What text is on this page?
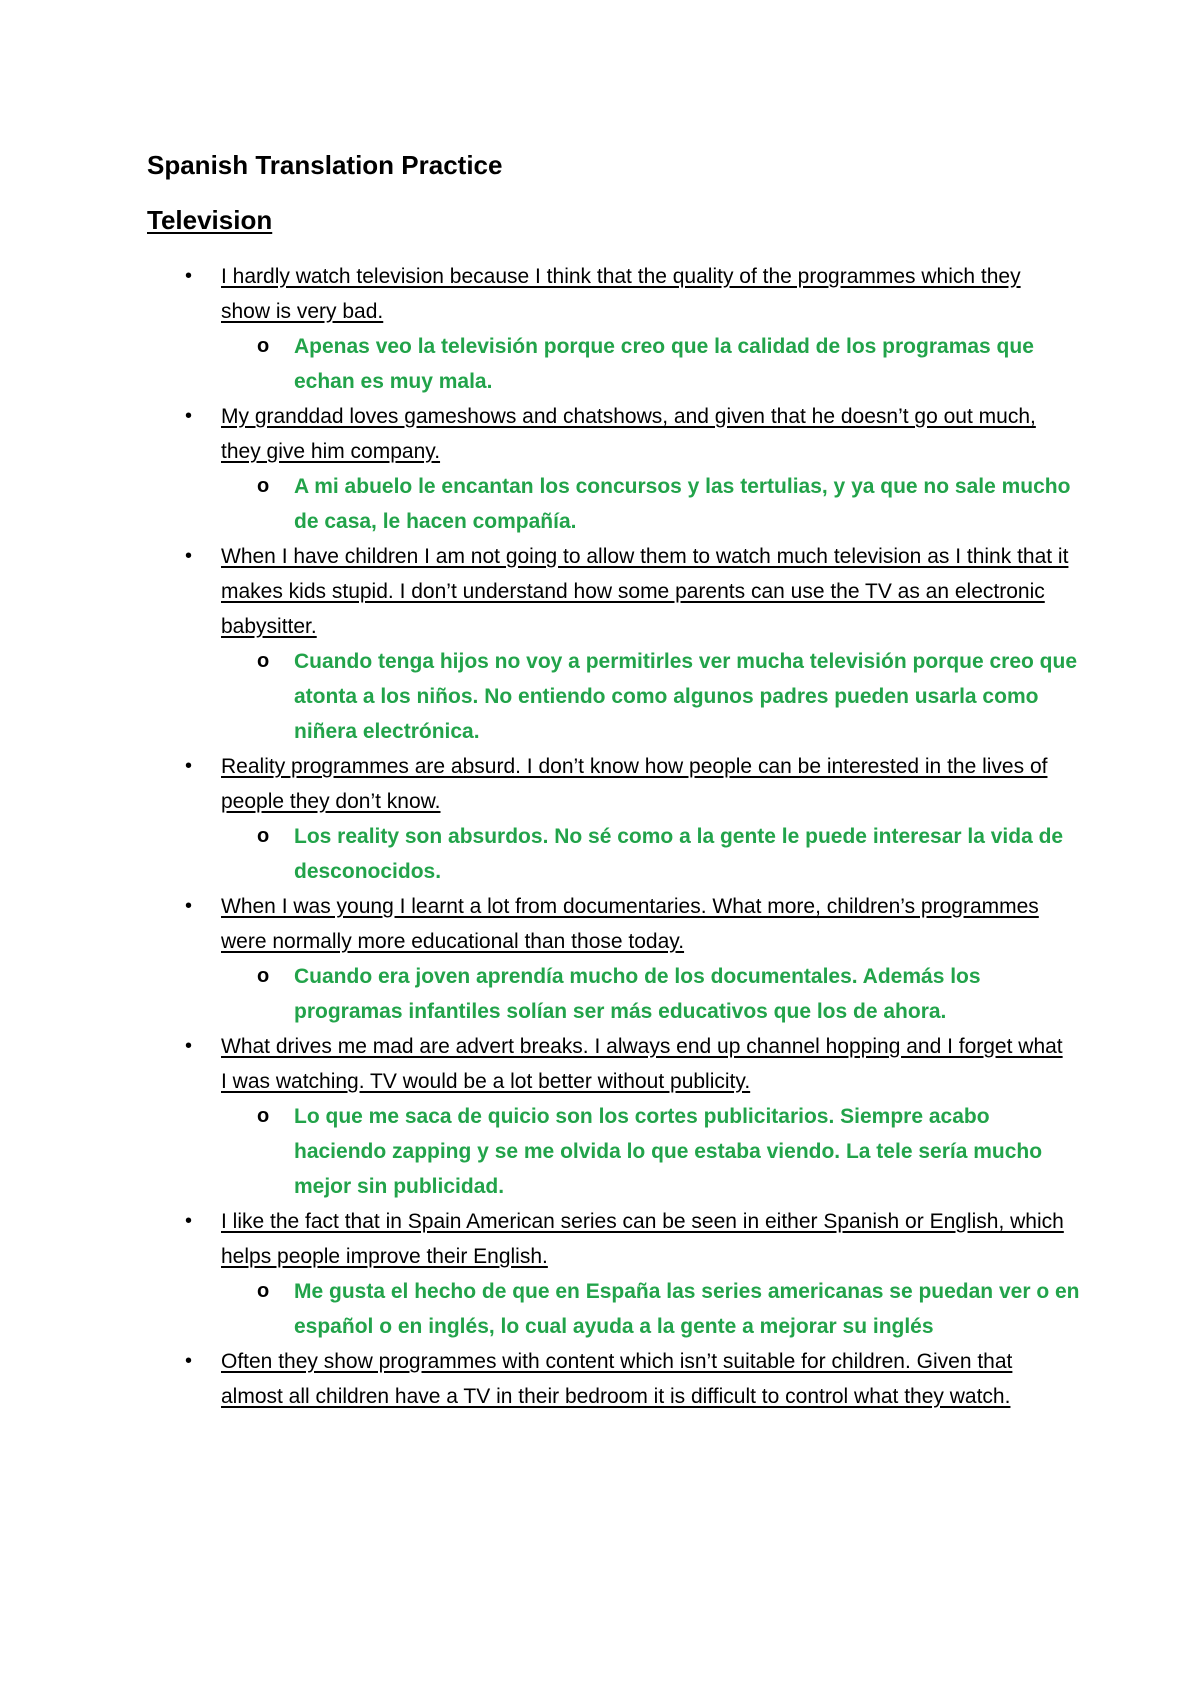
Spanish Translation Practice
Television
• I hardly watch television because I think that the quality of the programmes which they show is very bad.
o Apenas veo la televisión porque creo que la calidad de los programas que echan es muy mala.
• My granddad loves gameshows and chatshows, and given that he doesn’t go out much, they give him company.
o A mi abuelo le encantan los concursos y las tertulias, y ya que no sale mucho de casa, le hacen compañía.
• When I have children I am not going to allow them to watch much television as I think that it makes kids stupid. I don’t understand how some parents can use the TV as an electronic babysitter.
o Cuando tenga hijos no voy a permitirles ver mucha televisión porque creo que atonta a los niños. No entiendo como algunos padres pueden usarla como niñera electrónica.
• Reality programmes are absurd. I don’t know how people can be interested in the lives of people they don’t know.
o Los reality son absurdos. No sé como a la gente le puede interesar la vida de desconocidos.
• When I was young I learnt a lot from documentaries. What more, children’s programmes were normally more educational than those today.
o Cuando era joven aprendía mucho de los documentales. Además los programas infantiles solían ser más educativos que los de ahora.
• What drives me mad are advert breaks. I always end up channel hopping and I forget what I was watching. TV would be a lot better without publicity.
o Lo que me saca de quicio son los cortes publicitarios. Siempre acabo haciendo zapping y se me olvida lo que estaba viendo. La tele sería mucho mejor sin publicidad.
• I like the fact that in Spain American series can be seen in either Spanish or English, which helps people improve their English.
o Me gusta el hecho de que en España las series americanas se puedan ver o en español o en inglés, lo cual ayuda a la gente a mejorar su inglés
• Often they show programmes with content which isn’t suitable for children. Given that almost all children have a TV in their bedroom it is difficult to control what they watch.
